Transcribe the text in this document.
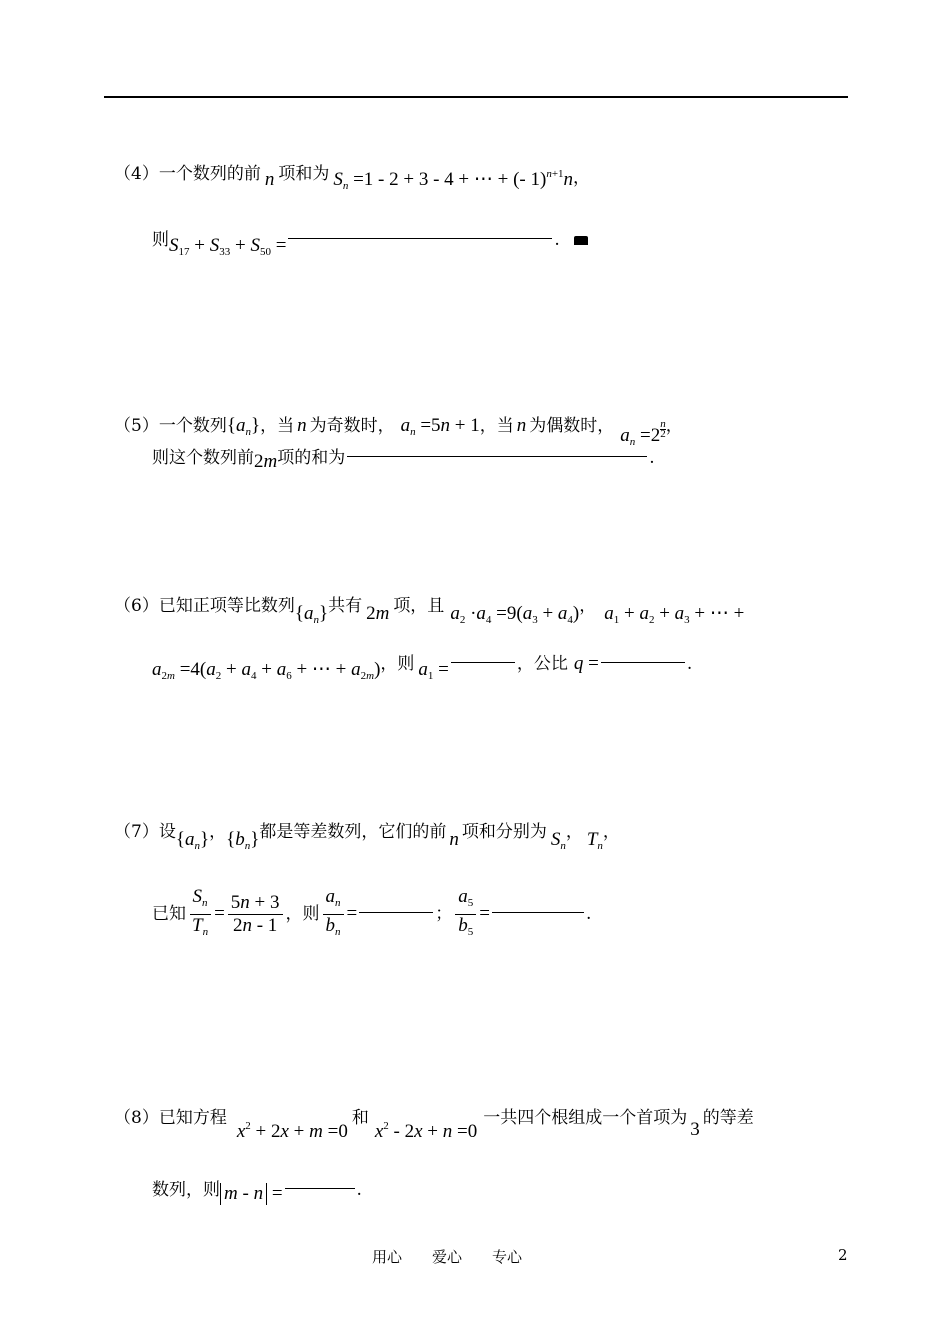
（4）一个数列的前 n 项和为 $S_n =1 - 2 + 3 - 4$ + ⋯ + (- 1)$^{n+1}$n，
则$S_{17} + S_{33} + S_{50}$ =	.
（5）一个数列$\{a_n\}$，当 n 为奇数时， $a_n =5n + 1$，当 n 为偶数时， $a_n =2$ $^{\frac{n}{2}}$ ，
则这个数列前2m项的和为	.
（6）已知正项等比数列$\{a_n\}$共有 2m 项，且 $a_2 \cdot a_4 =9(a_3 + a_4)$， $a_1 + a_2 + a_3$ + ⋯ +
$a_{2m} =4(a_2 + a_4 + a_6$ + ⋯ + $a_{2m}$)，则 $a_1$ =	，公比 q =	.
（7）设$\{a_n\}$，$\{b_n\}$都是等差数列，它们的前 n 项和分别为 $S_n$， $T_n$，
已知 $\frac{S_n}{T_n} = \frac{5n + 3}{2n - 1}$ ，则 $\frac{a_n}{b_n}$ =	； $\frac{a_5}{b_5}$ =	.
（8）已知方程$x^2 + 2x + m =0$和$x^2 - 2x + n =0$一共四个根组成一个首项为3的等差
数列，则 m - n =	.
用心　　爱心　　专心	2
